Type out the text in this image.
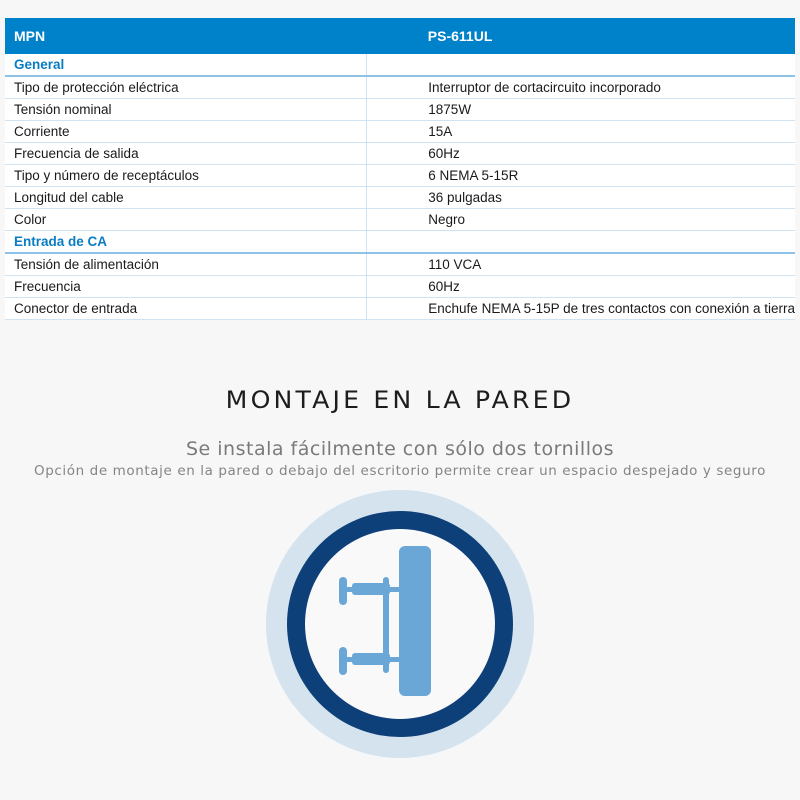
MPN	PS-611UL
General	
Tipo de protección eléctrica	Interruptor de cortacircuito incorporado
Tensión nominal	1875W
Corriente	15A
Frecuencia de salida	60Hz
Tipo y número de receptáculos	6 NEMA 5-15R
Longitud del cable	36 pulgadas
Color	Negro
Entrada de CA	
Tensión de alimentación	110 VCA
Frecuencia	60Hz
Conector de entrada	Enchufe NEMA 5-15P de tres contactos con conexión a tierra
MONTAJE EN LA PARED
Se instala fácilmente con sólo dos tornillos
Opción de montaje en la pared o debajo del escritorio permite crear un espacio despejado y seguro
